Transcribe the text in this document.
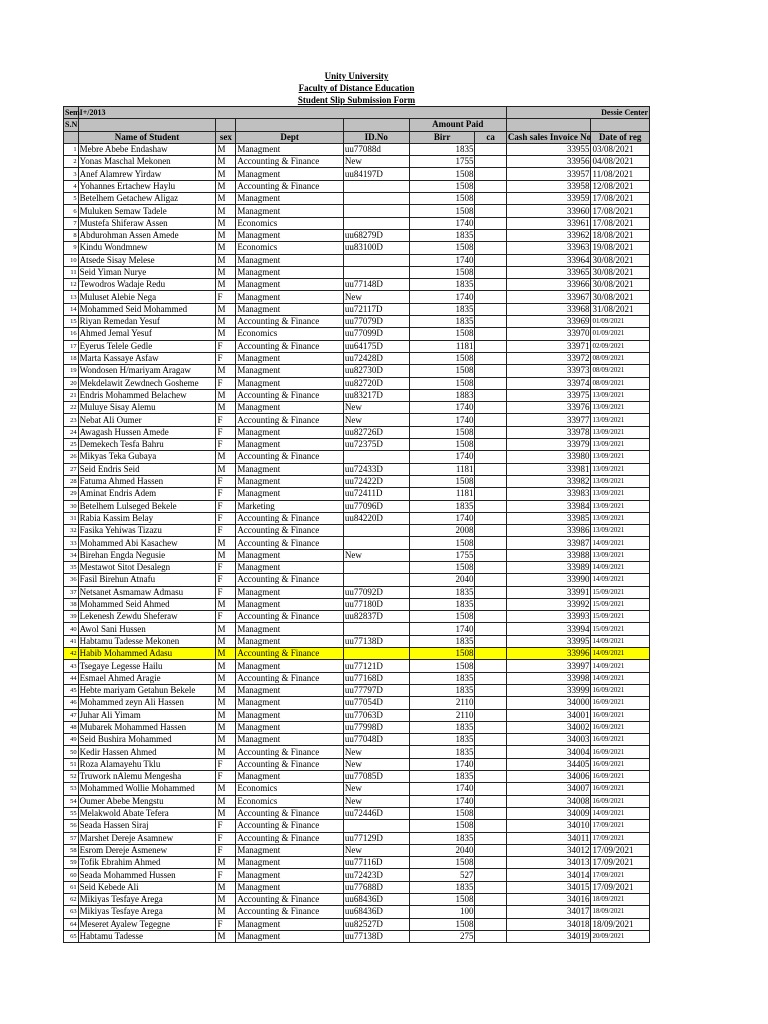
Unity University
Faculty of Distance Education
Student Slip Submission Form
Sem	I+/2013						Dessie Center	
S.N					Amount Paid			
	Name of Student	sex	Dept	ID.No	Birr	ca	Cash sales Invoice No	Date of reg
1	Mebre Abebe Endashaw	M	Managment	uu77088d	1835		33955	03/08/2021
2	Yonas Maschal Mekonen	M	Accounting & Finance	New	1755		33956	04/08/2021
3	Anef Alamrew Yirdaw	M	Managment	uu84197D	1508		33957	11/08/2021
4	Yohannes Ertachew Haylu	M	Accounting & Finance		1508		33958	12/08/2021
5	Betelhem Getachew Aligaz	M	Managment		1508		33959	17/08/2021
6	Muluken Semaw Tadele	M	Managment		1508		33960	17/08/2021
7	Mustefa Shiferaw Assen	M	Economics		1740		33961	17/08/2021
8	Abdurohman Assen Amede	M	Managment	uu68279D	1835		33962	18/08/2021
9	Kindu Wondmnew	M	Economics	uu83100D	1508		33963	19/08/2021
10	Atsede Sisay Melese	M	Managment		1740		33964	30/08/2021
11	Seid Yiman Nurye	M	Managment		1508		33965	30/08/2021
12	Tewodros Wadaje Redu	M	Managment	uu77148D	1835		33966	30/08/2021
13	Muluset Alebie Nega	F	Managment	New	1740		33967	30/08/2021
14	Mohammed Seid Mohammed	M	Managment	uu72117D	1835		33968	31/08/2021
15	Riyan Remedan Yesuf	M	Accounting & Finance	uu77079D	1835		33969	01/09/2021
16	Ahmed Jemal Yesuf	M	Economics	uu77099D	1508		33970	01/09/2021
17	Eyerus Telele Gedle	F	Accounting & Finance	uu64175D	1181		33971	02/09/2021
18	Marta Kassaye Asfaw	F	Managment	uu72428D	1508		33972	08/09/2021
19	Wondosen H/mariyam Aragaw	M	Managment	uu82730D	1508		33973	08/09/2021
20	Mekdelawit Zewdnech Gosheme	F	Managment	uu82720D	1508		33974	08/09/2021
21	Endris Mohammed Belachew	M	Accounting & Finance	uu83217D	1883		33975	13/09/2021
22	Muluye Sisay Alemu	M	Managment	New	1740		33976	13/09/2021
23	Nebat Ali Oumer	F	Accounting & Finance	New	1740		33977	13/09/2021
24	Awagash Hussen Amede	F	Managment	uu82726D	1508		33978	13/09/2021
25	Demekech Tesfa Bahru	F	Managment	uu72375D	1508		33979	13/09/2021
26	Mikyas Teka Gubaya	M	Accounting & Finance		1740		33980	13/09/2021
27	Seid Endris Seid	M	Managment	uu72433D	1181		33981	13/09/2021
28	Fatuma Ahmed Hassen	F	Managment	uu72422D	1508		33982	13/09/2021
29	Aminat Endris Adem	F	Managment	uu72411D	1181		33983	13/09/2021
30	Betelhem Lulseged Bekele	F	Marketing	uu77096D	1835		33984	13/09/2021
31	Rabia Kassim Belay	F	Accounting & Finance	uu84220D	1740		33985	13/09/2021
32	Fasika Yehiwas Tizazu	F	Accounting & Finance		2008		33986	13/09/2021
33	Mohammed Abi Kasachew	M	Accounting & Finance		1508		33987	14/09/2021
34	Birehan Engda Negusie	M	Managment	New	1755		33988	13/09/2021
35	Mestawot Sitot Desalegn	F	Managment		1508		33989	14/09/2021
36	Fasil Birehun Atnafu	F	Accounting & Finance		2040		33990	14/09/2021
37	Netsanet Asmamaw Admasu	F	Managment	uu77092D	1835		33991	15/09/2021
38	Mohammed Seid Ahmed	M	Managment	uu77180D	1835		33992	15/09/2021
39	Lekenesh Zewdu Sheferaw	F	Accounting & Finance	uu82837D	1508		33993	15/09/2021
40	Awol Sani Hussen	M	Managment		1740		33994	15/09/2021
41	Habtamu Tadesse Mekonen	M	Managment	uu77138D	1835		33995	14/09/2021
42	Habib Mohammed Adasu	M	Accounting & Finance		1508		33996	14/09/2021
43	Tsegaye Legesse Hailu	M	Managment	uu77121D	1508		33997	14/09/2021
44	Esmael Ahmed Aragie	M	Accounting & Finance	uu77168D	1835		33998	14/09/2021
45	Hebte mariyam Getahun Bekele	M	Managment	uu77797D	1835		33999	16/09/2021
46	Mohammed zeyn Ali Hassen	M	Managment	uu77054D	2110		34000	16/09/2021
47	Juhar Ali Yimam	M	Managment	uu77063D	2110		34001	16/09/2021
48	Mubarek Mohammed Hassen	M	Managment	uu77998D	1835		34002	16/09/2021
49	Seid Bushira Mohammed	M	Managment	uu77048D	1835		34003	16/09/2021
50	Kedir Hassen Ahmed	M	Accounting & Finance	New	1835		34004	16/09/2021
51	Roza Alamayehu Tklu	F	Accounting & Finance	New	1740		34405	16/09/2021
52	Truwork nAlemu Mengesha	F	Managment	uu77085D	1835		34006	16/09/2021
53	Mohammed Wollie Mohammed	M	Economics	New	1740		34007	16/09/2021
54	Oumer Abebe Mengstu	M	Economics	New	1740		34008	16/09/2021
55	Melakwold Abate Tefera	M	Accounting & Finance	uu72446D	1508		34009	14/09/2021
56	Seada Hassen Siraj	F	Accounting & Finance		1508		34010	17/09/2021
57	Marshet Dereje Asamnew	F	Accounting & Finance	uu77129D	1835		34011	17/09/2021
58	Esrom Dereje Asmenew	F	Managment	New	2040		34012	17/09/2021
59	Tofik Ebrahim Ahmed	M	Managment	uu77116D	1508		34013	17/09/2021
60	Seada Mohammed Hussen	F	Managment	uu72423D	527		34014	17/09/2021
61	Seid Kebede Ali	M	Managment	uu77688D	1835		34015	17/09/2021
62	Mikiyas Tesfaye Arega	M	Accounting & Finance	uu68436D	1508		34016	18/09/2021
63	Mikiyas Tesfaye Arega	M	Accounting & Finance	uu68436D	100		34017	18/09/2021
64	Meseret Ayalew Tegegne	F	Managment	uu82527D	1508		34018	18/09/2021
65	Habtamu Tadesse	M	Managment	uu77138D	275		34019	20/09/2021
